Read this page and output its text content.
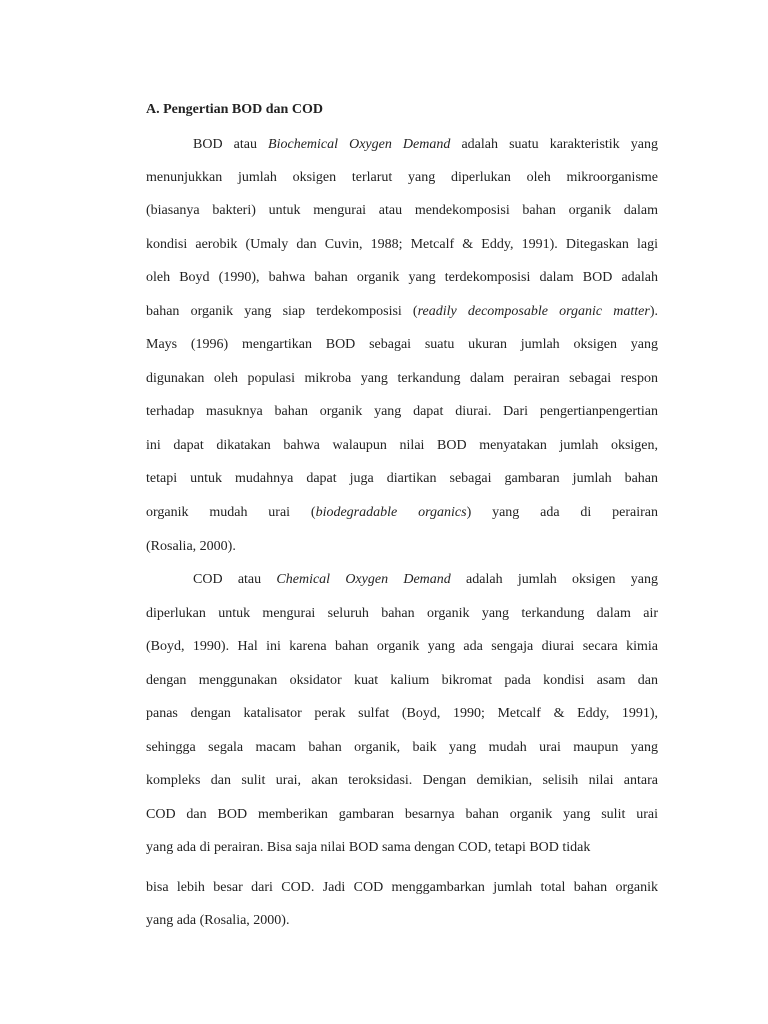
A. Pengertian BOD dan COD
BOD atau Biochemical Oxygen Demand adalah suatu karakteristik yang
menunjukkan jumlah oksigen terlarut yang diperlukan oleh mikroorganisme
(biasanya bakteri) untuk mengurai atau mendekomposisi bahan organik dalam
kondisi aerobik (Umaly dan Cuvin, 1988; Metcalf & Eddy, 1991). Ditegaskan lagi
oleh Boyd (1990), bahwa bahan organik yang terdekomposisi dalam BOD adalah
bahan organik yang siap terdekomposisi (readily decomposable organic matter).
Mays (1996) mengartikan BOD sebagai suatu ukuran jumlah oksigen yang
digunakan oleh populasi mikroba yang terkandung dalam perairan sebagai respon
terhadap masuknya bahan organik yang dapat diurai. Dari pengertianpengertian
ini dapat dikatakan bahwa walaupun nilai BOD menyatakan jumlah oksigen,
tetapi untuk mudahnya dapat juga diartikan sebagai gambaran jumlah bahan
organik mudah urai (biodegradable organics) yang ada di perairan
(Rosalia, 2000).
COD atau Chemical Oxygen Demand adalah jumlah oksigen yang
diperlukan untuk mengurai seluruh bahan organik yang terkandung dalam air
(Boyd, 1990). Hal ini karena bahan organik yang ada sengaja diurai secara kimia
dengan menggunakan oksidator kuat kalium bikromat pada kondisi asam dan
panas dengan katalisator perak sulfat (Boyd, 1990; Metcalf & Eddy, 1991),
sehingga segala macam bahan organik, baik yang mudah urai maupun yang
kompleks dan sulit urai, akan teroksidasi. Dengan demikian, selisih nilai antara
COD dan BOD memberikan gambaran besarnya bahan organik yang sulit urai
yang ada di perairan. Bisa saja nilai BOD sama dengan COD, tetapi BOD tidak
bisa lebih besar dari COD. Jadi COD menggambarkan jumlah total bahan organik
yang ada (Rosalia, 2000).
